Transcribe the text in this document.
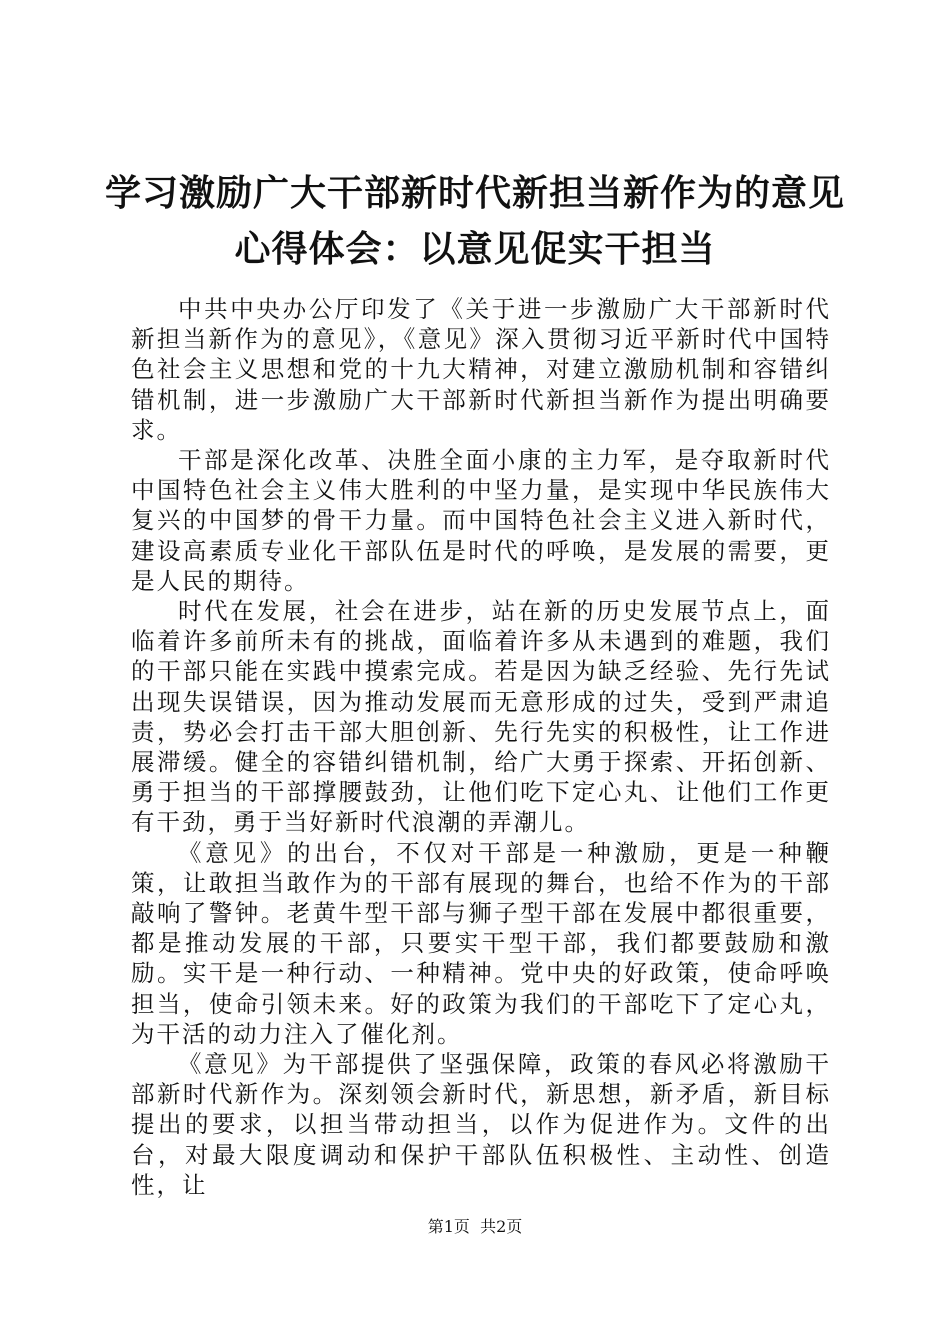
学习激励广大干部新时代新担当新作为的意见
心得体会：以意见促实干担当

中共中央办公厅印发了《关于进一步激励广大干部新时代新担当新作为的意见》，《意见》深入贯彻习近平新时代中国特色社会主义思想和党的十九大精神，对建立激励机制和容错纠错机制，进一步激励广大干部新时代新担当新作为提出明确要求。

干部是深化改革、决胜全面小康的主力军，是夺取新时代中国特色社会主义伟大胜利的中坚力量，是实现中华民族伟大复兴的中国梦的骨干力量。而中国特色社会主义进入新时代，建设高素质专业化干部队伍是时代的呼唤，是发展的需要，更是人民的期待。

时代在发展，社会在进步，站在新的历史发展节点上，面临着许多前所未有的挑战，面临着许多从未遇到的难题，我们的干部只能在实践中摸索完成。若是因为缺乏经验、先行先试出现失误错误，因为推动发展而无意形成的过失，受到严肃追责，势必会打击干部大胆创新、先行先实的积极性，让工作进展滞缓。健全的容错纠错机制，给广大勇于探索、开拓创新、勇于担当的干部撑腰鼓劲，让他们吃下定心丸、让他们工作更有干劲，勇于当好新时代浪潮的弄潮儿。

《意见》的出台，不仅对干部是一种激励，更是一种鞭策，让敢担当敢作为的干部有展现的舞台，也给不作为的干部敲响了警钟。老黄牛型干部与狮子型干部在发展中都很重要，都是推动发展的干部，只要实干型干部，我们都要鼓励和激励。实干是一种行动、一种精神。党中央的好政策，使命呼唤担当，使命引领未来。好的政策为我们的干部吃下了定心丸，为干活的动力注入了催化剂。

《意见》为干部提供了坚强保障，政策的春风必将激励干部新时代新作为。深刻领会新时代，新思想，新矛盾，新目标提出的要求，以担当带动担当，以作为促进作为。文件的出台，对最大限度调动和保护干部队伍积极性、主动性、创造性，让

第1页  共2页
